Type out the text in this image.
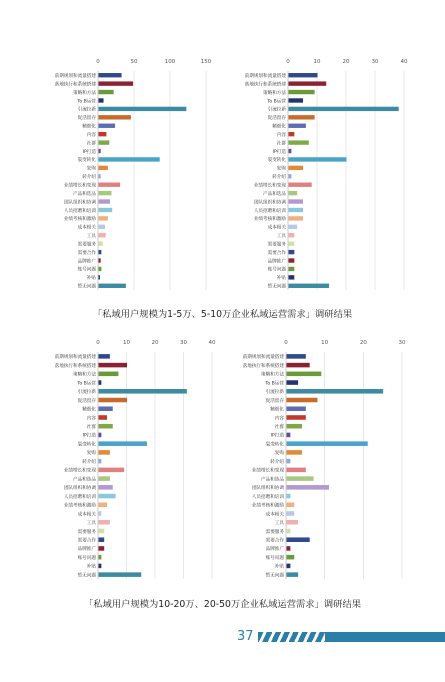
0	50	100	150
前期规划和流量搭建
落地执行和系统搭建
策略和方法
To B运营
引流拉新
促活留存
精细化
内容
社群
IP打造
裂变转化
复购
转介绍
业绩增长和变现
产品和选品
团队组织和协调
人员招聘和培训
业绩考核和激励
成本相关
工具
需要服务
需要合作
品牌推广
账号问题
补贴
暂无问题
0	10	20	30	40
前期规划和流量搭建
落地执行和系统搭建
策略和方法
To B运营
引流拉新
促活留存
精细化
内容
社群
IP打造
裂变转化
复购
转介绍
业绩增长和变现
产品和选品
团队组织和协调
人员招聘和培训
业绩考核和激励
成本相关
工具
需要服务
需要合作
品牌推广
账号问题
补贴
暂无问题
「私域用户规模为1-5万、5-10万企业私域运营需求」调研结果
0	10	20	30	40
前期规划和流量搭建
落地执行和系统搭建
策略和方法
To B运营
引流拉新
促活留存
精细化
内容
社群
IP打造
裂变转化
复购
转介绍
业绩增长和变现
产品和选品
团队组织和协调
人员招聘和培训
业绩考核和激励
成本相关
工具
需要服务
需要合作
品牌推广
账号问题
补贴
暂无问题
0	10	20	30
前期规划和流量搭建
落地执行和系统搭建
策略和方法
To B运营
引流拉新
促活留存
精细化
内容
社群
IP打造
裂变转化
复购
转介绍
业绩增长和变现
产品和选品
团队组织和协调
人员招聘和培训
业绩考核和激励
成本相关
工具
需要服务
需要合作
品牌推广
账号问题
补贴
暂无问题
「私域用户规模为10-20万、20-50万企业私域运营需求」调研结果
37
